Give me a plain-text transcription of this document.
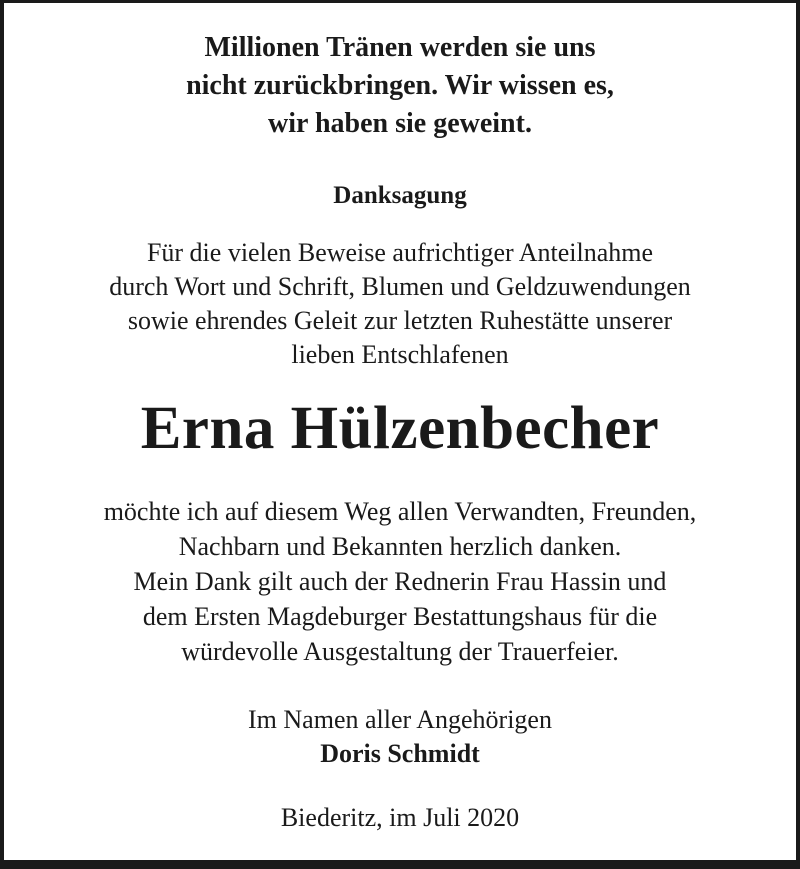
Millionen Tränen werden sie uns
nicht zurückbringen. Wir wissen es,
wir haben sie geweint.
Danksagung
Für die vielen Beweise aufrichtiger Anteilnahme
durch Wort und Schrift, Blumen und Geldzuwendungen
sowie ehrendes Geleit zur letzten Ruhestätte unserer
lieben Entschlafenen
Erna Hülzenbecher
möchte ich auf diesem Weg allen Verwandten, Freunden,
Nachbarn und Bekannten herzlich danken.
Mein Dank gilt auch der Rednerin Frau Hassin und
dem Ersten Magdeburger Bestattungshaus für die
würdevolle Ausgestaltung der Trauerfeier.
Im Namen aller Angehörigen
Doris Schmidt
Biederitz, im Juli 2020
